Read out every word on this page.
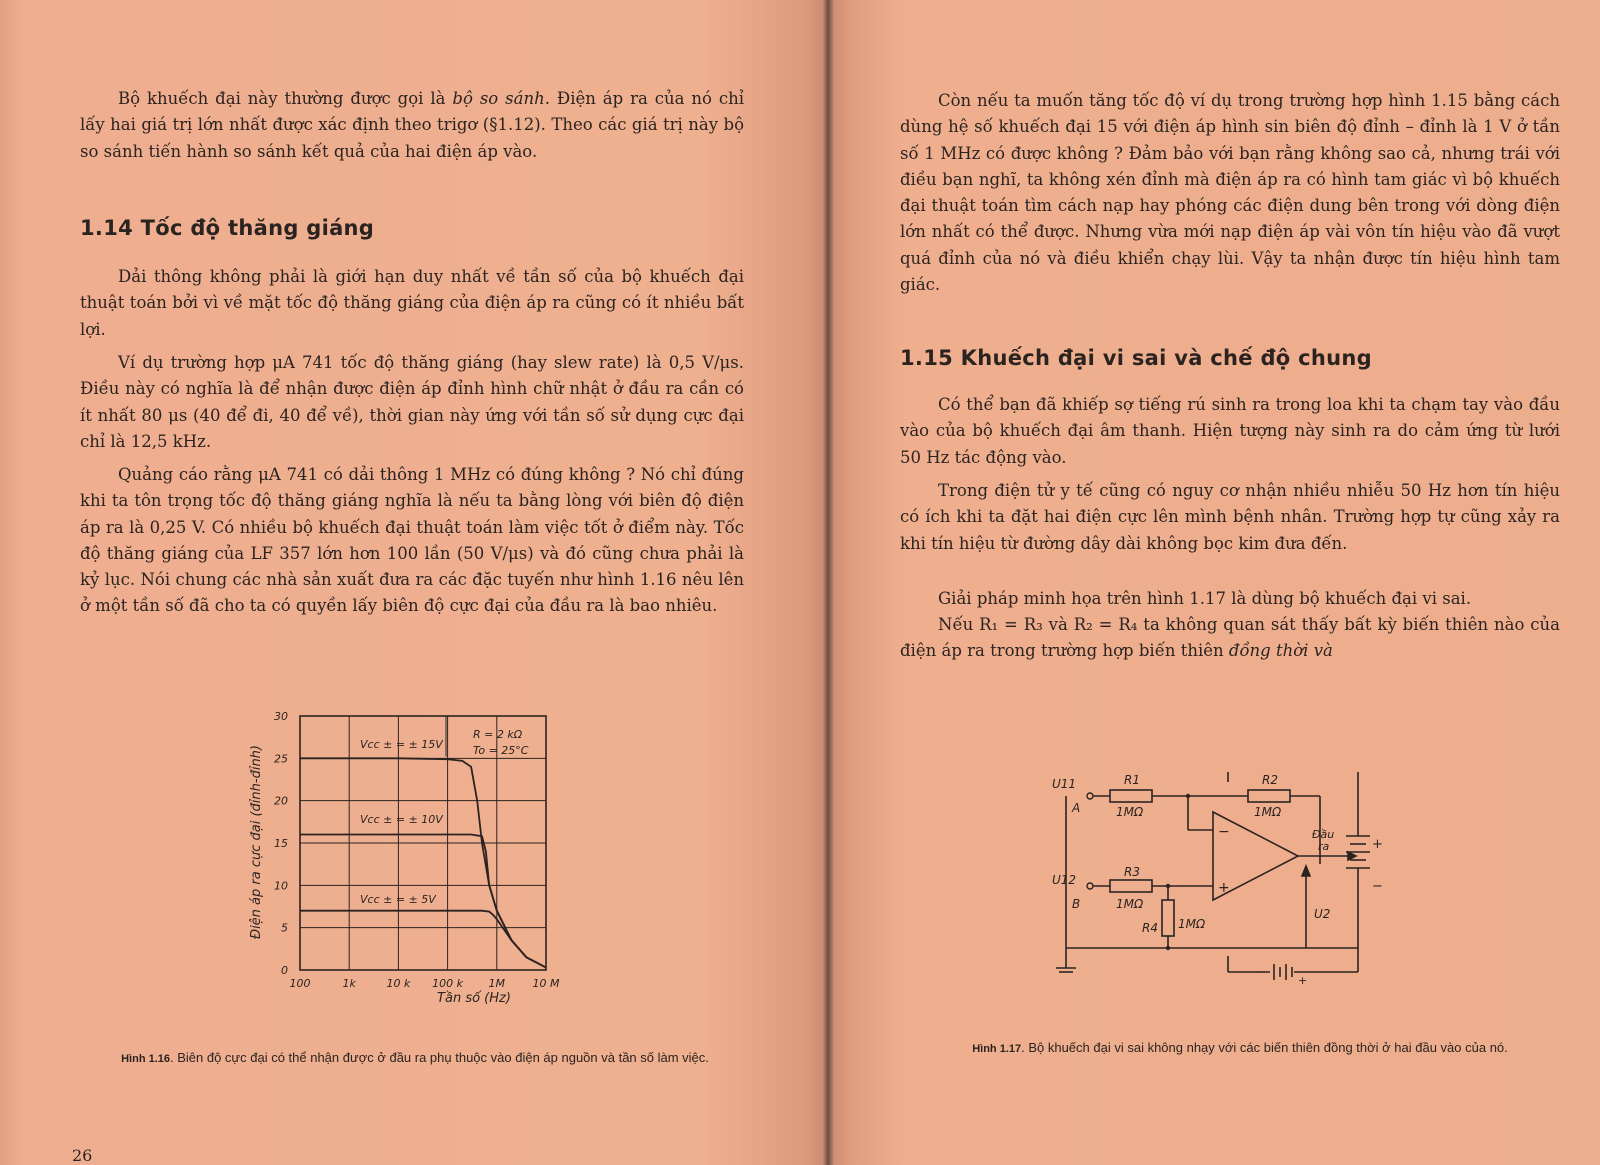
Bộ khuếch đại này thường được gọi là bộ so sánh. Điện áp ra của nó chỉ lấy hai giá trị lớn nhất được xác định theo trigơ (§1.12). Theo các giá trị này bộ so sánh tiến hành so sánh kết quả của hai điện áp vào.

1.14 Tốc độ thăng giáng

Dải thông không phải là giới hạn duy nhất về tần số của bộ khuếch đại thuật toán bởi vì về mặt tốc độ thăng giáng của điện áp ra cũng có ít nhiều bất lợi.

Ví dụ trường hợp μA 741 tốc độ thăng giáng (hay slew rate) là 0,5 V/μs. Điều này có nghĩa là để nhận được điện áp đỉnh hình chữ nhật ở đầu ra cần có ít nhất 80 μs (40 để đi, 40 để về), thời gian này ứng với tần số sử dụng cực đại chỉ là 12,5 kHz.

Quảng cáo rằng μA 741 có dải thông 1 MHz có đúng không ? Nó chỉ đúng khi ta tôn trọng tốc độ thăng giáng nghĩa là nếu ta bằng lòng với biên độ điện áp ra là 0,25 V. Có nhiều bộ khuếch đại thuật toán làm việc tốt ở điểm này. Tốc độ thăng giáng của LF 357 lớn hơn 100 lần (50 V/μs) và đó cũng chưa phải là kỷ lục. Nói chung các nhà sản xuất đưa ra các đặc tuyến như hình 1.16 nêu lên ở một tần số đã cho ta có quyền lấy biên độ cực đại của đầu ra là bao nhiêu.

100	1k	10 k 100 k 1M 10 M
0
5
10
15
20
25
30
Điện áp ra cực đại (đỉnh-đỉnh)
Tần số (Hz)
R = 2 kΩ
To = 25°C
Vcc ± = ± 15V
Vcc ± = ± 10V
Vcc ± = ± 5V

Hình 1.16. Biên độ cực đại có thể nhận được ở đầu ra phụ thuộc vào điện áp nguồn và tần số làm việc.

26

Còn nếu ta muốn tăng tốc độ ví dụ trong trường hợp hình 1.15 bằng cách dùng hệ số khuếch đại 15 với điện áp hình sin biên độ đỉnh – đỉnh là 1 V ở tần số 1 MHz có được không ? Đảm bảo với bạn rằng không sao cả, nhưng trái với điều bạn nghĩ, ta không xén đỉnh mà điện áp ra có hình tam giác vì bộ khuếch đại thuật toán tìm cách nạp hay phóng các điện dung bên trong với dòng điện lớn nhất có thể được. Nhưng vừa mới nạp điện áp vài vôn tín hiệu vào đã vượt quá đỉnh của nó và điều khiển chạy lùi. Vậy ta nhận được tín hiệu hình tam giác.

1.15 Khuếch đại vi sai và chế độ chung

Có thể bạn đã khiếp sợ tiếng rú sinh ra trong loa khi ta chạm tay vào đầu vào của bộ khuếch đại âm thanh. Hiện tượng này sinh ra do cảm ứng từ lưới 50 Hz tác động vào.

Trong điện tử y tế cũng có nguy cơ nhận nhiều nhiễu 50 Hz hơn tín hiệu có ích khi ta đặt hai điện cực lên mình bệnh nhân. Trường hợp tự cũng xảy ra khi tín hiệu từ đường dây dài không bọc kim đưa đến.

Giải pháp minh họa trên hình 1.17 là dùng bộ khuếch đại vi sai.

Nếu R₁ = R₃ và R₂ = R₄ ta không quan sát thấy bất kỳ biến thiên nào của điện áp ra trong trường hợp biến thiên đồng thời và

U11
A
U12
B
R1
1MΩ
R2
1MΩ
R3
1MΩ
R4 1MΩ
−
+
Đầu
ra
U2
+
−
−
+

Hình 1.17. Bộ khuếch đại vi sai không nhạy với các biến thiên đồng thời ở hai đầu vào của nó.
